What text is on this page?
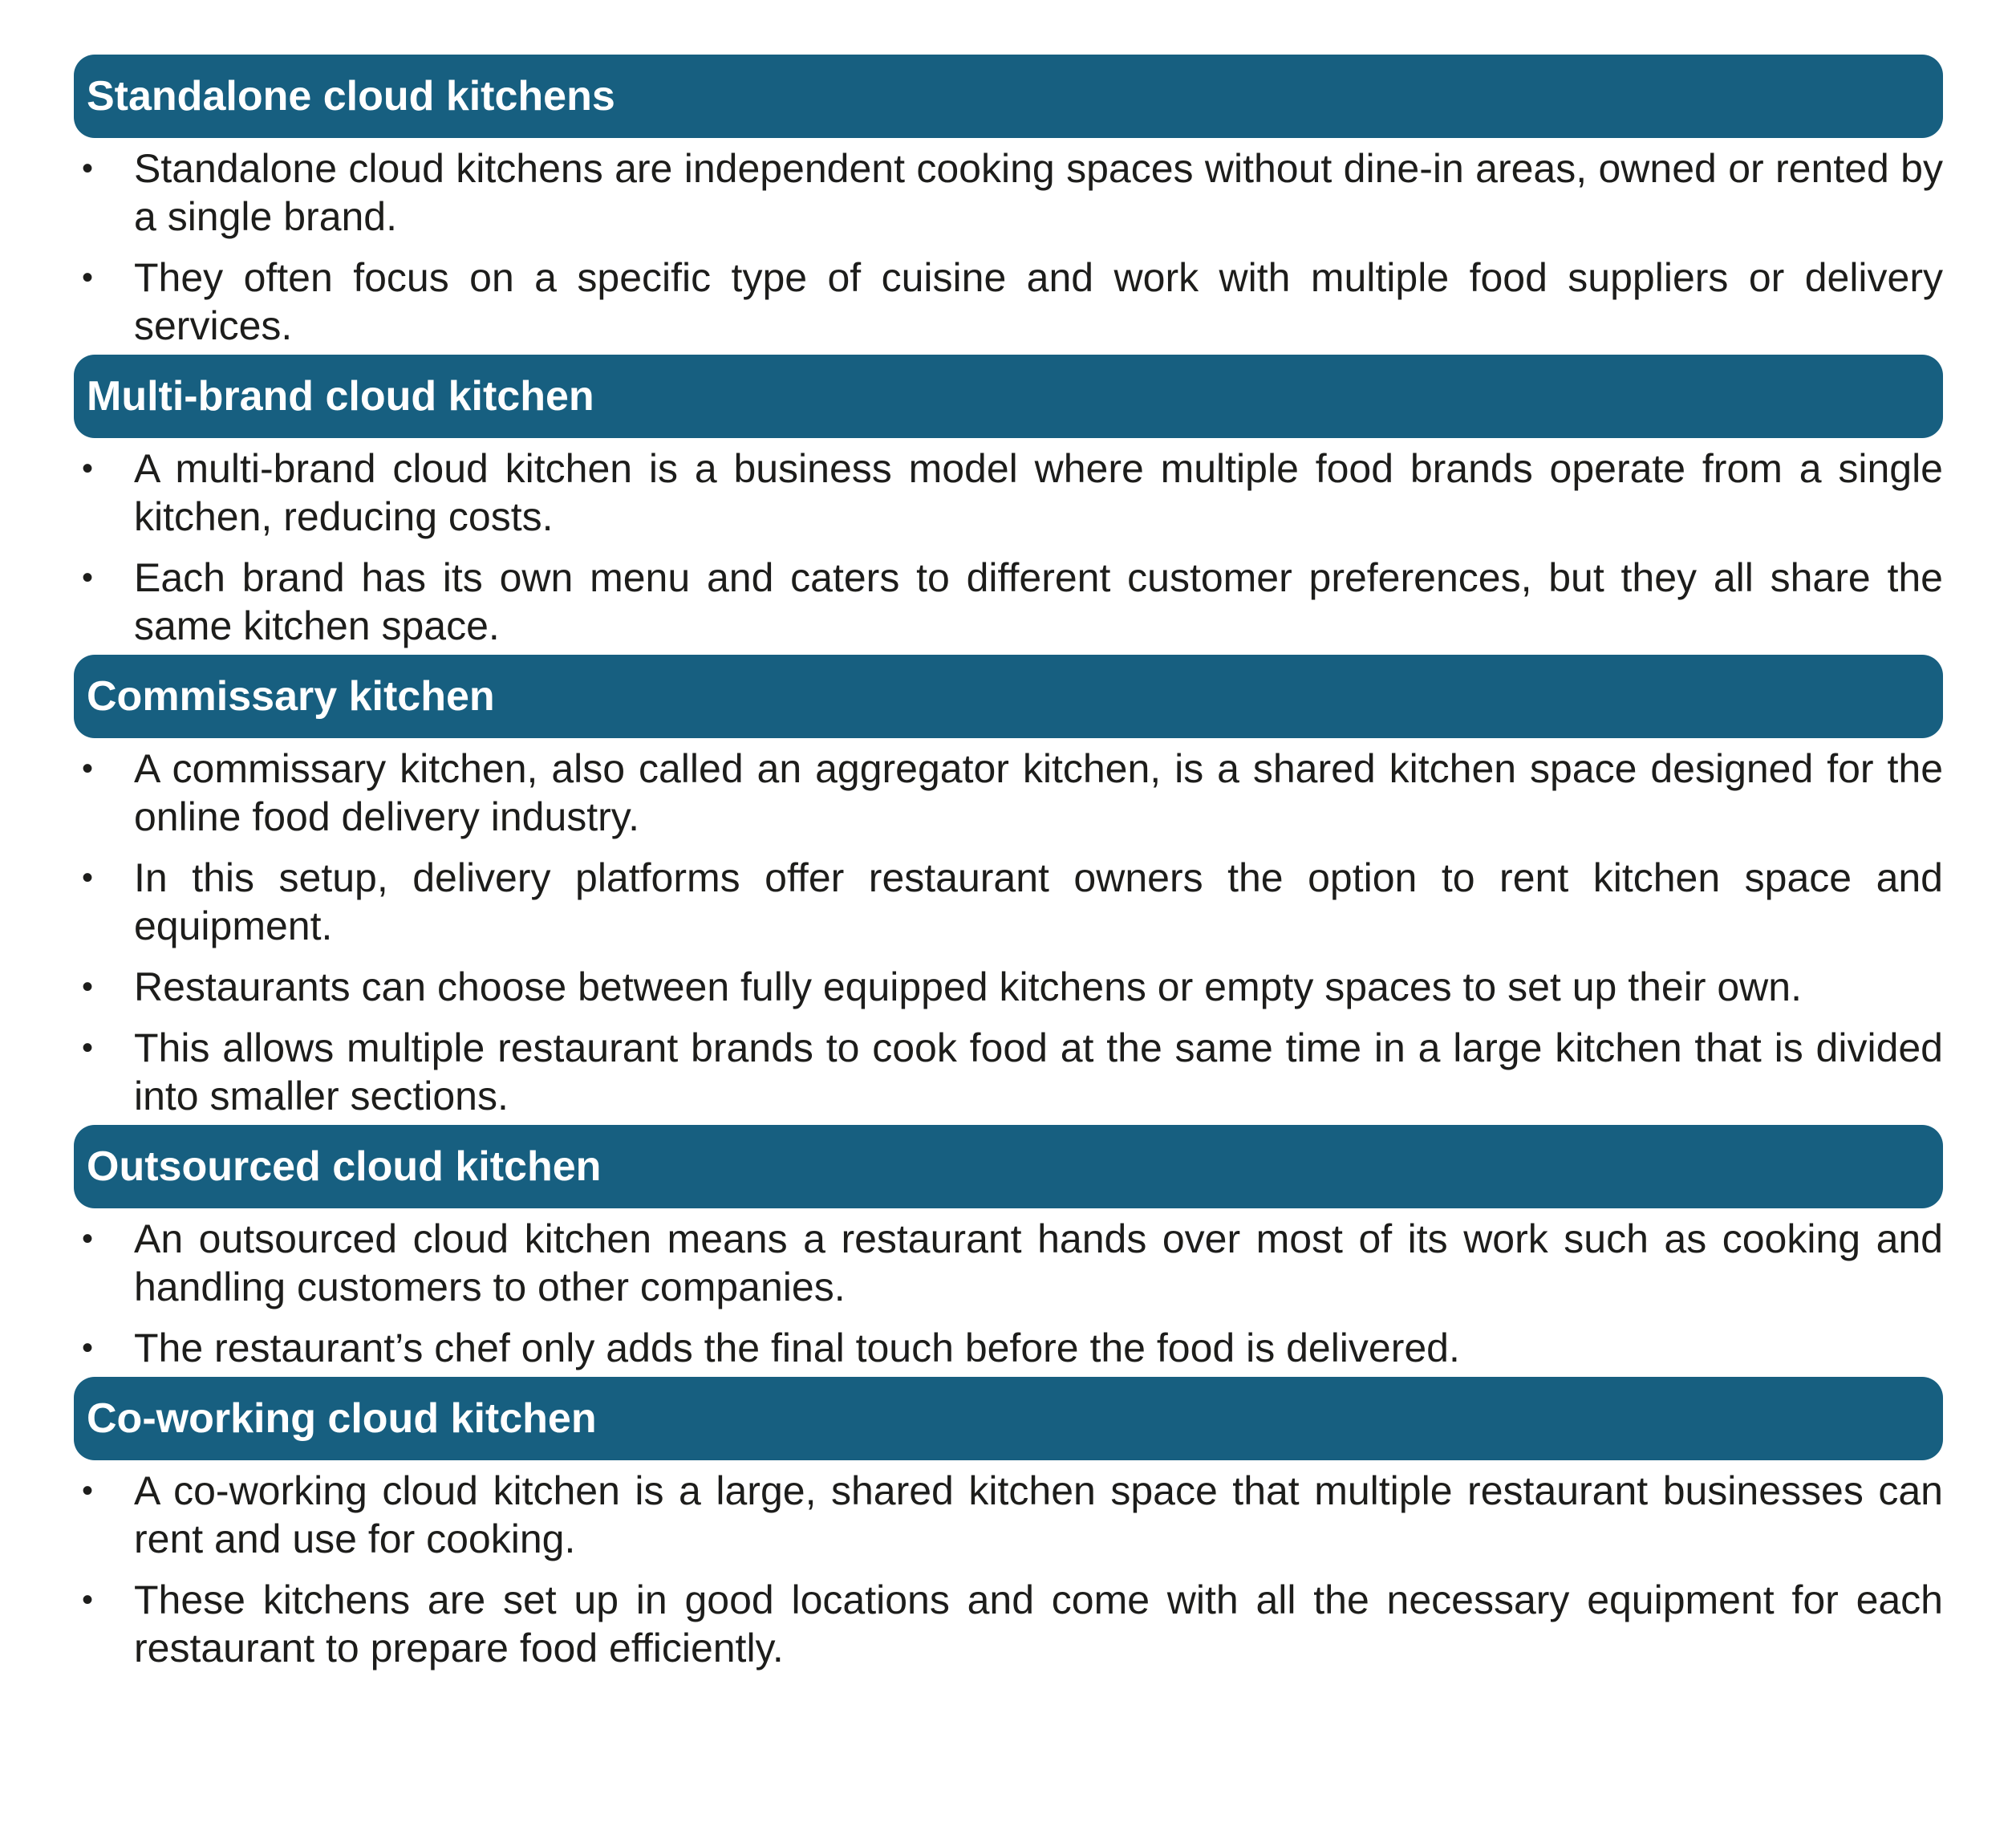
Standalone cloud kitchens
• Standalone cloud kitchens are independent cooking spaces without dine-in areas, owned or rented by a single brand.
• They often focus on a specific type of cuisine and work with multiple food suppliers or delivery services.
Multi-brand cloud kitchen
• A multi-brand cloud kitchen is a business model where multiple food brands operate from a single kitchen, reducing costs.
• Each brand has its own menu and caters to different customer preferences, but they all share the same kitchen space.
Commissary kitchen
• A commissary kitchen, also called an aggregator kitchen, is a shared kitchen space designed for the online food delivery industry.
• In this setup, delivery platforms offer restaurant owners the option to rent kitchen space and equipment.
• Restaurants can choose between fully equipped kitchens or empty spaces to set up their own.
• This allows multiple restaurant brands to cook food at the same time in a large kitchen that is divided into smaller sections.
Outsourced cloud kitchen
• An outsourced cloud kitchen means a restaurant hands over most of its work such as cooking and handling customers to other companies.
• The restaurant’s chef only adds the final touch before the food is delivered.
Co-working cloud kitchen
• A co-working cloud kitchen is a large, shared kitchen space that multiple restaurant businesses can rent and use for cooking.
• These kitchens are set up in good locations and come with all the necessary equipment for each restaurant to prepare food efficiently.
